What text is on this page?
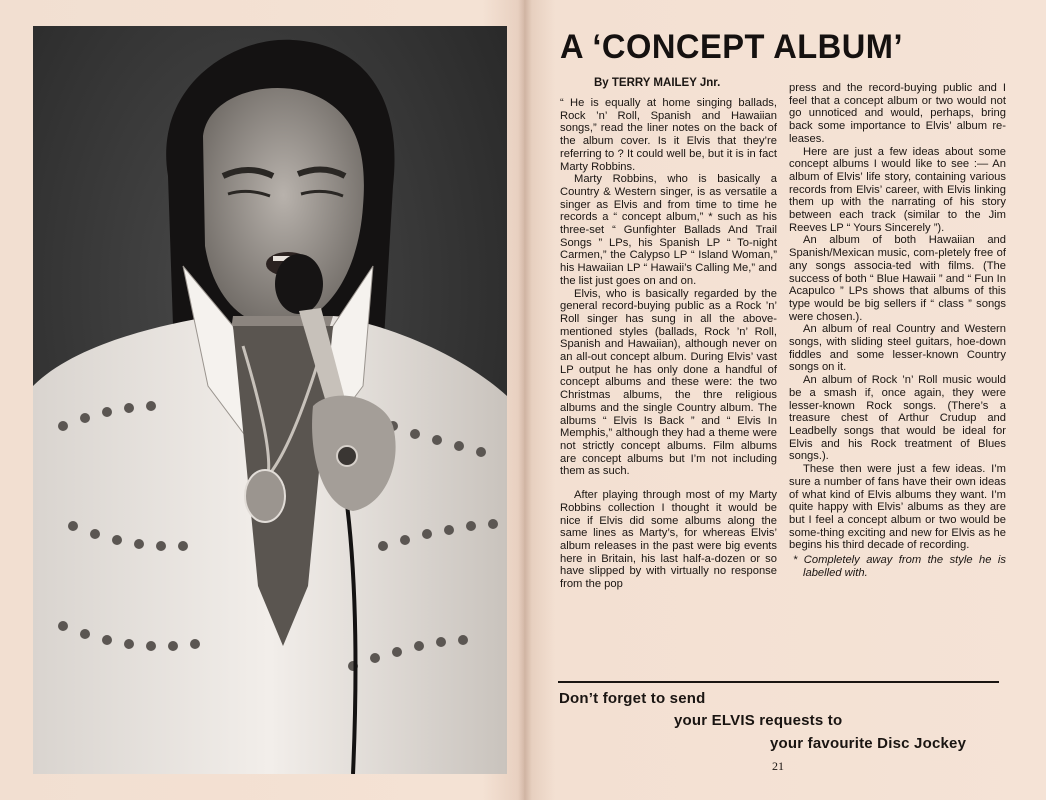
A ‘CONCEPT ALBUM’
By TERRY MAILEY Jnr.

“ He is equally at home singing ballads, Rock ’n’ Roll, Spanish and Hawaiian songs,” read the liner notes on the back of the album cover. Is it Elvis that they’re referring to ? It could well be, but it is in fact Marty Robbins.

Marty Robbins, who is basically a Country & Western singer, is as versatile a singer as Elvis and from time to time he records a “ concept album,” * such as his three-set “ Gunfighter Ballads And Trail Songs ” LPs, his Spanish LP “ To-night Carmen,” the Calypso LP “ Island Woman,” his Hawaiian LP “ Hawaii’s Calling Me,” and the list just goes on and on.

Elvis, who is basically regarded by the general record-buying public as a Rock ’n’ Roll singer has sung in all the above-mentioned styles (ballads, Rock ’n’ Roll, Spanish and Hawaiian), although never on an all-out concept album. During Elvis’ vast LP output he has only done a handful of concept albums and these were: the two Christmas albums, the thre religious albums and the single Country album. The albums “ Elvis Is Back ” and “ Elvis In Memphis,” although they had a theme were not strictly concept albums. Film albums are concept albums but I’m not including them as such.

After playing through most of my Marty Robbins collection I thought it would be nice if Elvis did some albums along the same lines as Marty’s, for whereas Elvis’ album releases in the past were big events here in Britain, his last half-a-dozen or so have slipped by with virtually no response from the pop

press and the record-buying public and I feel that a concept album or two would not go unnoticed and would, perhaps, bring back some importance to Elvis’ album re-leases.

Here are just a few ideas about some concept albums I would like to see :— An album of Elvis’ life story, containing various records from Elvis’ career, with Elvis linking them up with the narrating of his story between each track (similar to the Jim Reeves LP “ Yours Sincerely ”).

An album of both Hawaiian and Spanish/Mexican music, com-pletely free of any songs associa-ted with films. (The success of both “ Blue Hawaii ” and “ Fun In Acapulco ” LPs shows that albums of this type would be big sellers if “ class ” songs were chosen.).

An album of real Country and Western songs, with sliding steel guitars, hoe-down fiddles and some lesser-known Country songs on it.

An album of Rock ’n’ Roll music would be a smash if, once again, they were lesser-known Rock songs. (There’s a treasure chest of Arthur Crudup and Leadbelly songs that would be ideal for Elvis and his Rock treatment of Blues songs.).

These then were just a few ideas. I’m sure a number of fans have their own ideas of what kind of Elvis albums they want. I’m quite happy with Elvis’ albums as they are but I feel a concept album or two would be some-thing exciting and new for Elvis as he begins his third decade of recording.

* Completely away from the style he is labelled with.
Don’t forget to send
your ELVIS requests to
your favourite Disc Jockey
21
